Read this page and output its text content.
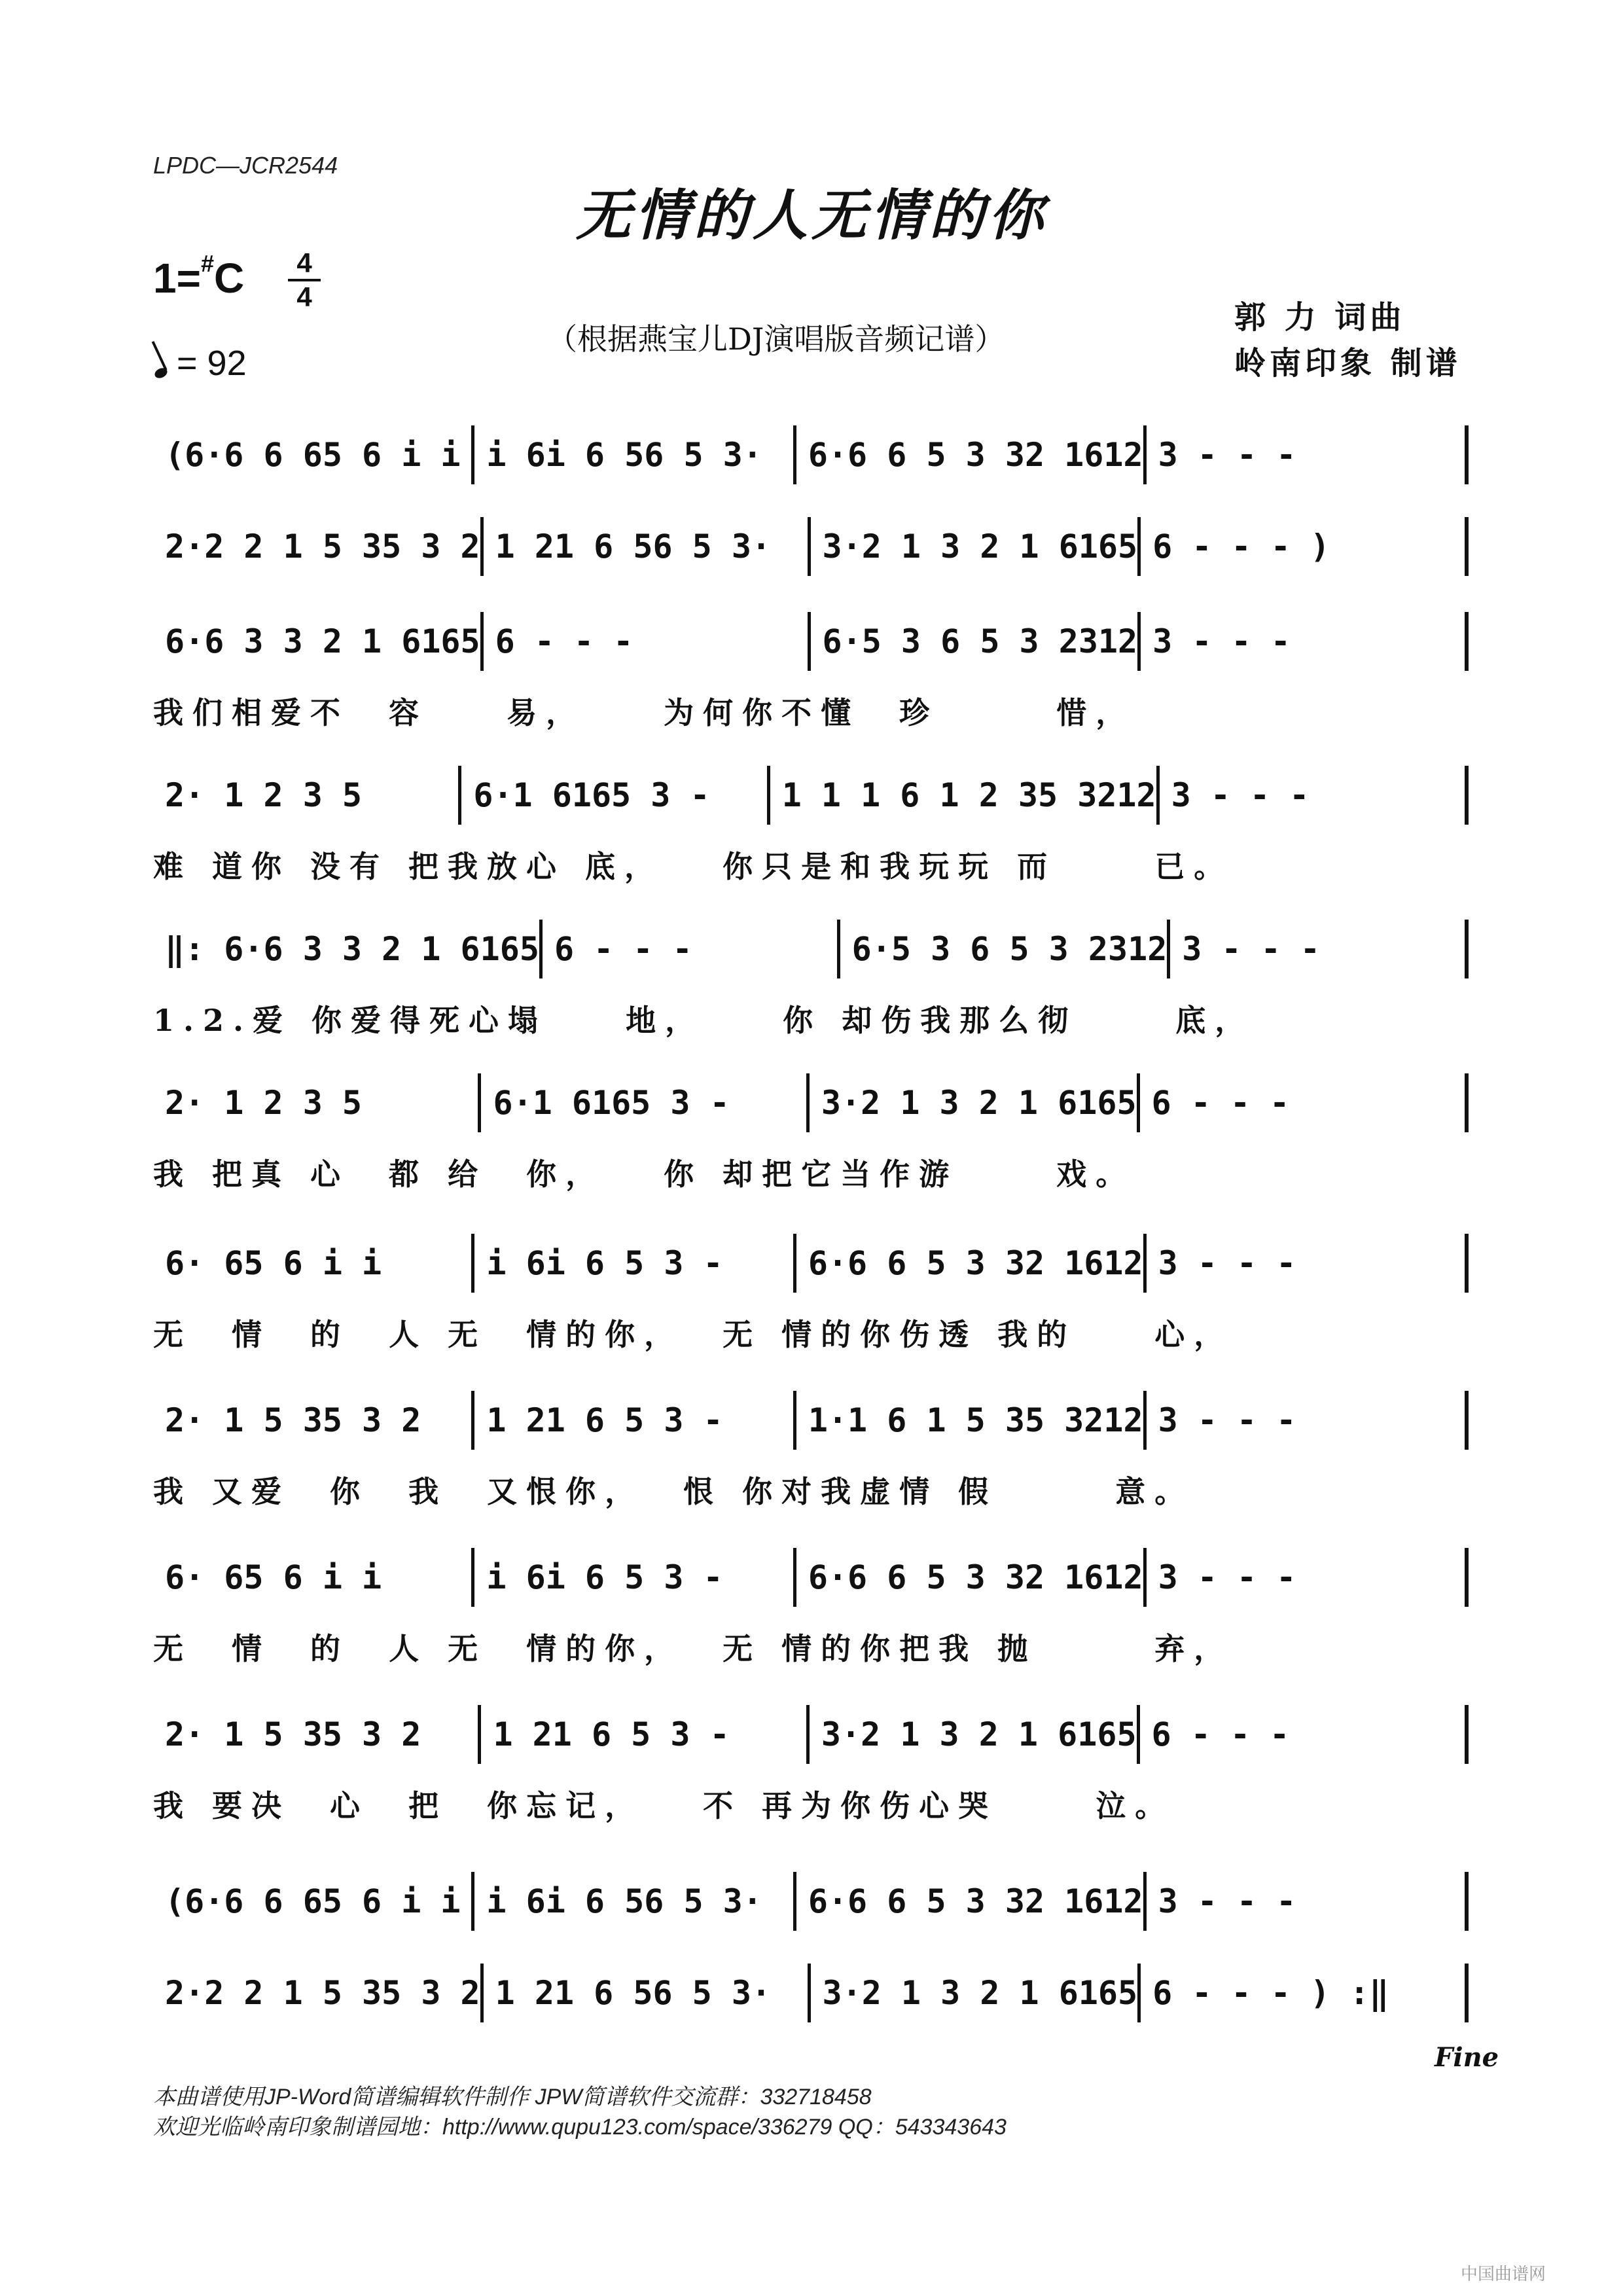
LPDC—JCR2544
无情的人无情的你
1=#C	4
4
= 92
（根据燕宝儿DJ演唱版音频记谱）
郭 力 词曲
岭南印象 制谱
(6·6 6 65 6 i i i 6i 6 56 5 3·	6·6 6 5 3 32 1612 3 - - -
2·2 2 1 5 35 3 2 1 21 6 56 5 3·	3·2 1 3 2 1 6165 6 - - - )
6·6 3 3 2 1 6165 6 - - -	6·5 3 6 5 3 2312 3 - - -
我们相爱不  容    易，    为何你不懂  珍      惜，
2· 1 2 3 5	6·1 6165 3 -	1 1 1 6 1 2 35 3212 3 - - -
难 道你 没有 把我放心 底，   你只是和我玩玩 而     已。
‖: 6·6 3 3 2 1 6165 6 - - -	6·5 3 6 5 3 2312 3 - - -
1.2.爱 你爱得死心塌    地，    你 却伤我那么彻     底，
2· 1 2 3 5	6·1 6165 3 -	3·2 1 3 2 1 6165 6 - - -
我 把真 心  都 给  你，   你 却把它当作游     戏。
6· 65 6 i i	i 6i 6 5 3 -	6·6 6 5 3 32 1612 3 - - -
无  情  的  人 无  情的你，  无 情的你伤透 我的    心，
2· 1 5 35 3 2	1 21 6 5 3 -	1·1 6 1 5 35 3212 3 - - -
我 又爱  你  我  又恨你，  恨 你对我虚情 假      意。
6· 65 6 i i	i 6i 6 5 3 -	6·6 6 5 3 32 1612 3 - - -
无  情  的  人 无  情的你，  无 情的你把我 抛      弃，
2· 1 5 35 3 2	1 21 6 5 3 -	3·2 1 3 2 1 6165 6 - - -
我 要决  心  把  你忘记，   不 再为你伤心哭     泣。
(6·6 6 65 6 i i i 6i 6 56 5 3·	6·6 6 5 3 32 1612 3 - - -
2·2 2 1 5 35 3 2 1 21 6 56 5 3·	3·2 1 3 2 1 6165 6 - - - ) :‖
Fine
本曲谱使用JP-Word简谱编辑软件制作 JPW简谱软件交流群：332718458
欢迎光临岭南印象制谱园地：http://www.qupu123.com/space/336279 QQ：543343643
中国曲谱网
